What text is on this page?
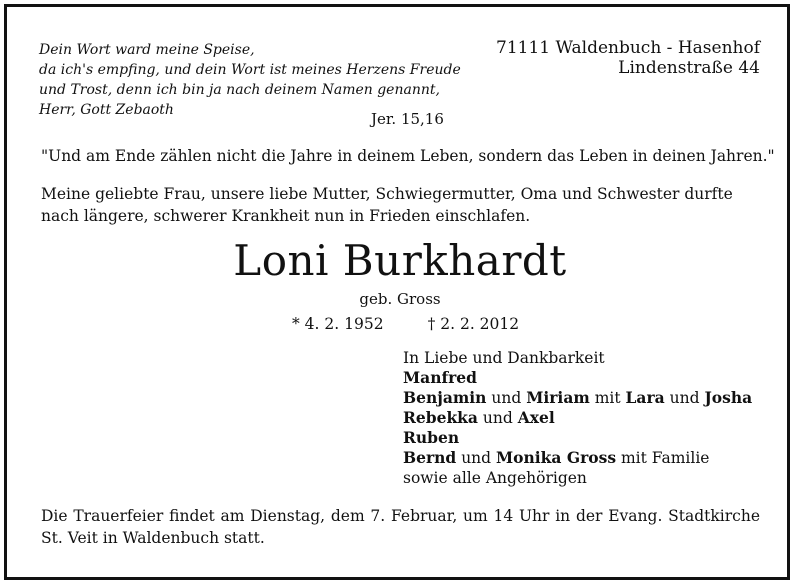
Dein Wort ward meine Speise,
da ich's empfing, und dein Wort ist meines Herzens Freude
und Trost, denn ich bin ja nach deinem Namen genannt,
Herr, Gott Zebaoth
71111 Waldenbuch - Hasenhof
Lindenstraße 44
Jer. 15,16
"Und am Ende zählen nicht die Jahre in deinem Leben, sondern das Leben in deinen Jahren."
Meine geliebte Frau, unsere liebe Mutter, Schwiegermutter, Oma und Schwester durfte nach längere, schwerer Krankheit nun in Frieden einschlafen.
Loni Burkhardt
geb. Gross
* 4. 2. 1952	† 2. 2. 2012
In Liebe und Dankbarkeit
Manfred
Benjamin und Miriam mit Lara und Josha
Rebekka und Axel
Ruben
Bernd und Monika Gross mit Familie
sowie alle Angehörigen
Die Trauerfeier findet am Dienstag, dem 7. Februar, um 14 Uhr in der Evang. Stadtkirche St. Veit in Waldenbuch statt.
